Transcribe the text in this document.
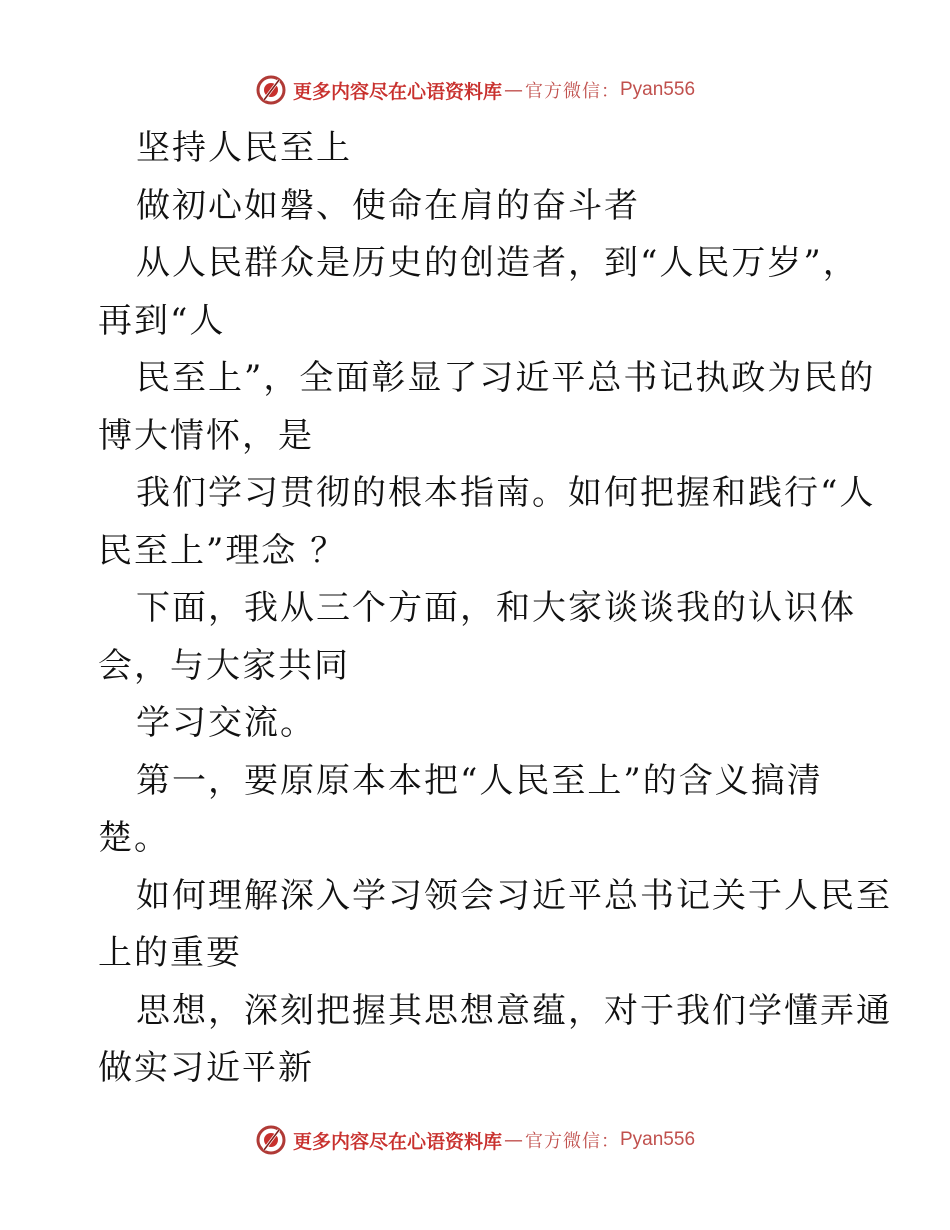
更多内容尽在心语资料库 — 官方微信： Pyan556
坚持人民至上
做初心如磐、使命在肩的奋斗者
从人民群众是历史的创造者，到“人民万岁”，
再到“人
民至上”，全面彰显了习近平总书记执政为民的
博大情怀，是
我们学习贯彻的根本指南。如何把握和践行“人
民至上”理念 ？
下面，我从三个方面，和大家谈谈我的认识体
会，与大家共同
学习交流。
第一，要原原本本把“人民至上”的含义搞清
楚。
如何理解深入学习领会习近平总书记关于人民至
上的重要
思想，深刻把握其思想意蕴，对于我们学懂弄通
做实习近平新
更多内容尽在心语资料库 — 官方微信： Pyan556
